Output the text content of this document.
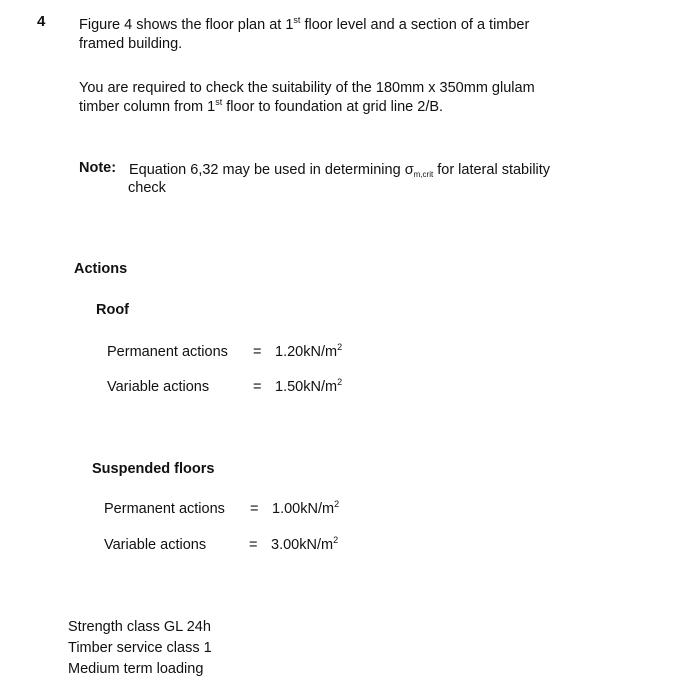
4 Figure 4 shows the floor plan at 1st floor level and a section of a timber
framed building.
You are required to check the suitability of the 180mm x 350mm glulam
timber column from 1st floor to foundation at grid line 2/B.
Note: Equation 6,32 may be used in determining $\sigma_{m,crit}$ for lateral stability
check
Actions
Roof
Permanent actions = $1.20kN/m^2$
Variable actions	= $1.50kN/m^2$
Suspended floors
Permanent actions = $1.00kN/m^2$
Variable actions	= $3.00kN/m^2$
Strength class GL 24h
Timber service class 1
Medium term loading
